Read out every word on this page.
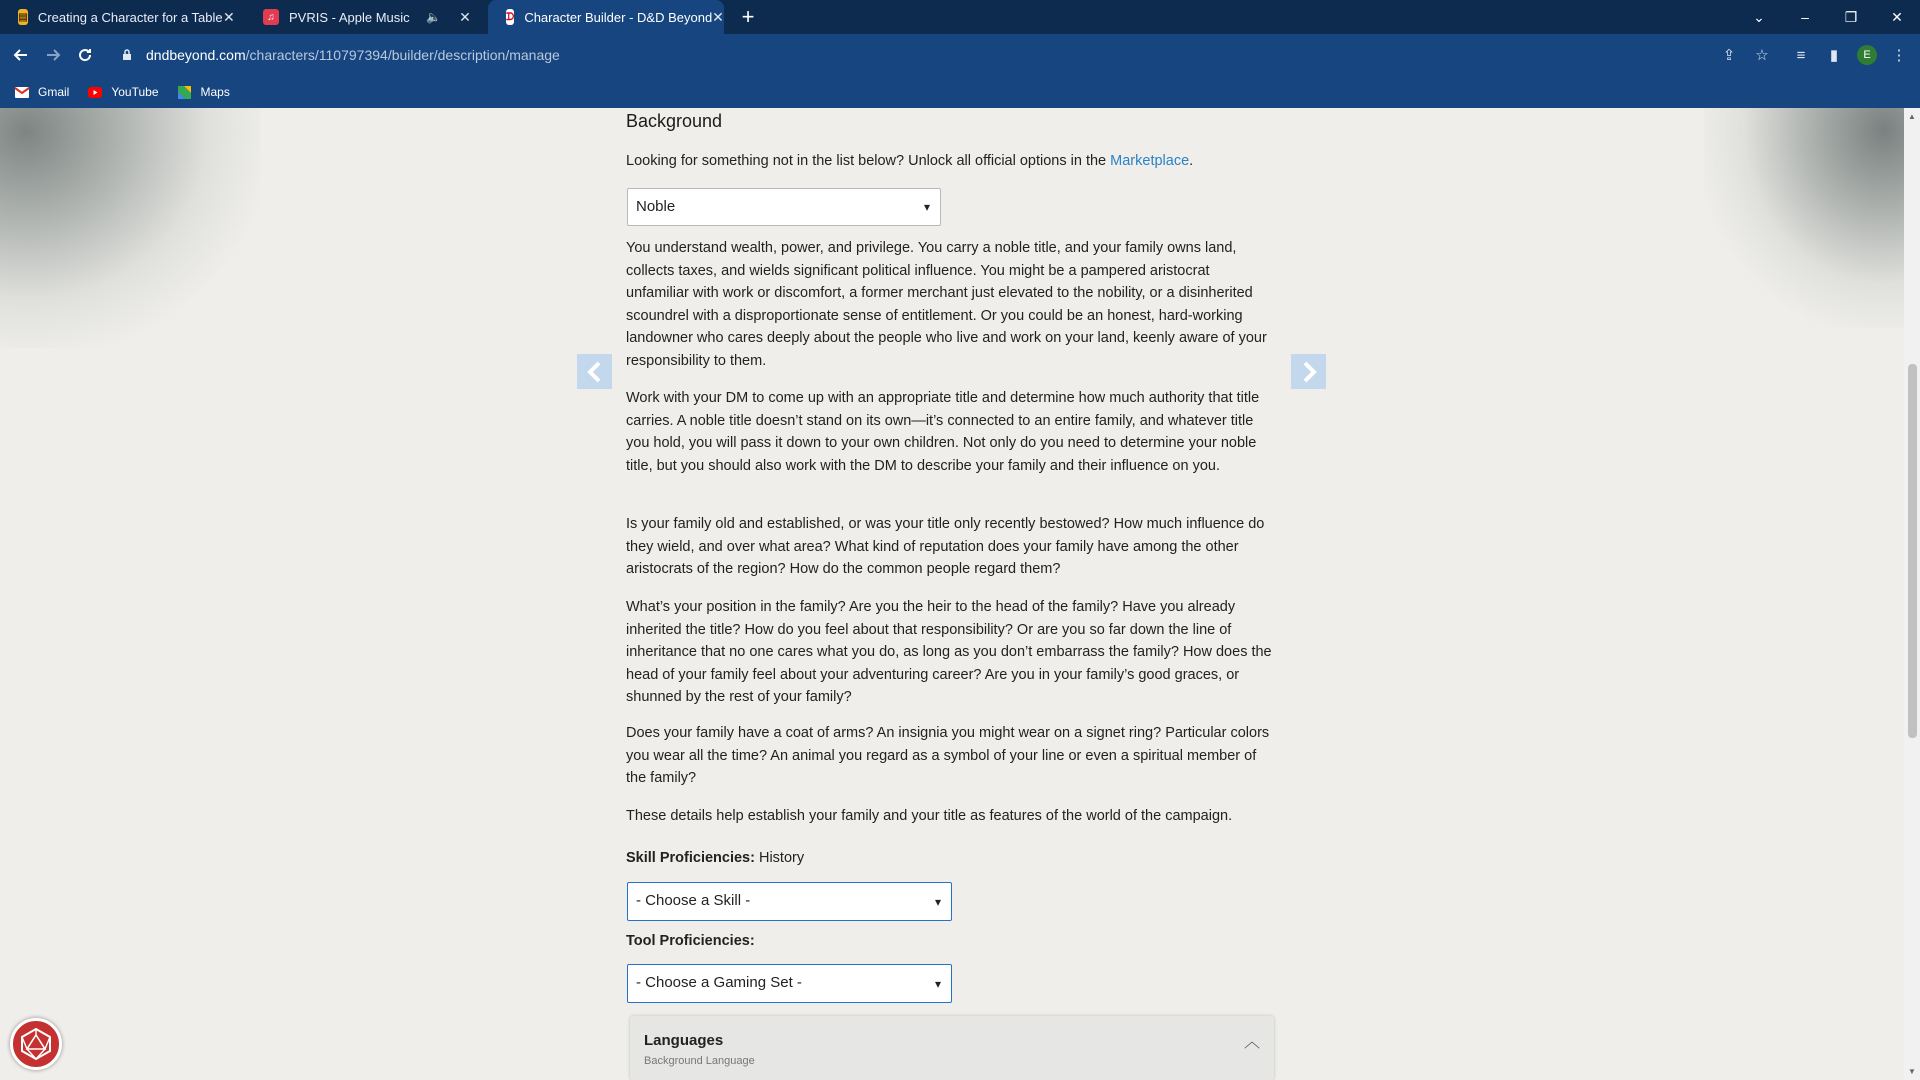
▤ Creating a Character for a Table ✕	♫	PVRIS - Apple Music	🔈 ✕	ᗪ Character Builder - D&D Beyond ✕ +	⌄	–	❐	✕
dndbeyond.com/characters/110797394/builder/description/manage	⇪	☆	≡	▮	⋮
E
Gmail	YouTube	Maps
Background
Looking for something not in the list below? Unlock all official options in the Marketplace.
Noble	▾
You understand wealth, power, and privilege. You carry a noble title, and your family owns land, collects taxes, and wields significant political influence. You might be a pampered aristocrat unfamiliar with work or discomfort, a former merchant just elevated to the nobility, or a disinherited scoundrel with a disproportionate sense of entitlement. Or you could be an honest, hard-working landowner who cares deeply about the people who live and work on your land, keenly aware of your responsibility to them.
Work with your DM to come up with an appropriate title and determine how much authority that title carries. A noble title doesn’t stand on its own—it’s connected to an entire family, and whatever title you hold, you will pass it down to your own children. Not only do you need to determine your noble title, but you should also work with the DM to describe your family and their influence on you.
Is your family old and established, or was your title only recently bestowed? How much influence do they wield, and over what area? What kind of reputation does your family have among the other aristocrats of the region? How do the common people regard them?
What’s your position in the family? Are you the heir to the head of the family? Have you already inherited the title? How do you feel about that responsibility? Or are you so far down the line of inheritance that no one cares what you do, as long as you don’t embarrass the family? How does the head of your family feel about your adventuring career? Are you in your family’s good graces, or shunned by the rest of your family?
Does your family have a coat of arms? An insignia you might wear on a signet ring? Particular colors you wear all the time? An animal you regard as a symbol of your line or even a spiritual member of the family?
These details help establish your family and your title as features of the world of the campaign.
Skill Proficiencies: History
- Choose a Skill -	▾
Tool Proficiencies:
- Choose a Gaming Set -	▾
Languages
Background Language
︿
▲
▼
